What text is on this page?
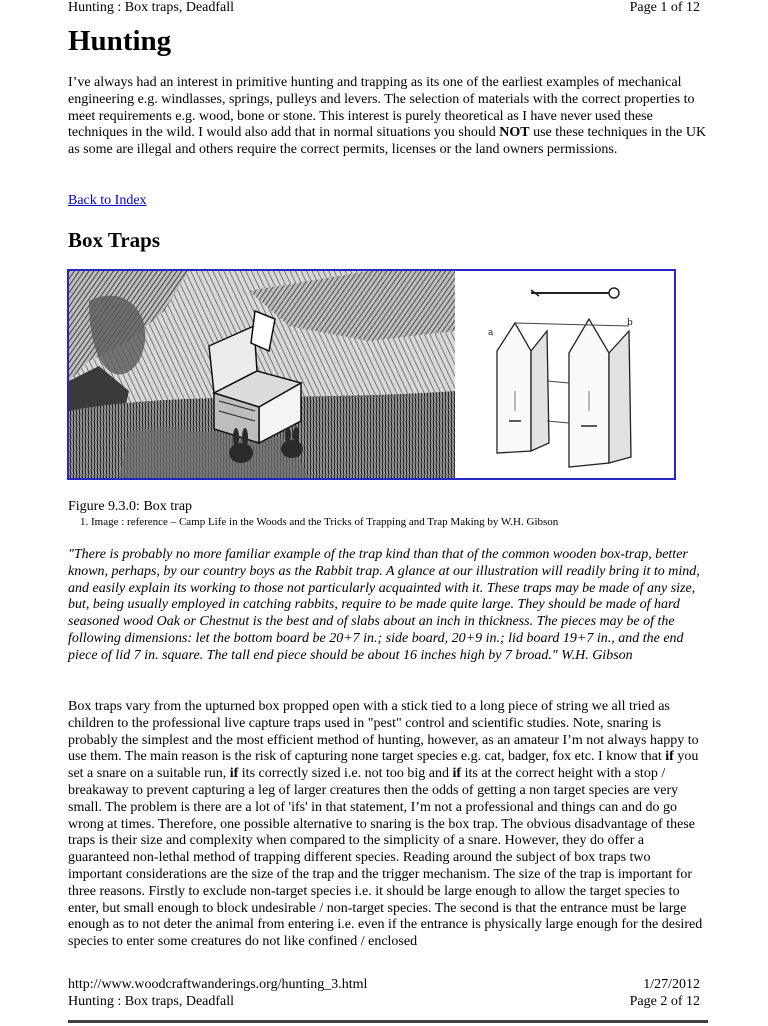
Hunting : Box traps, Deadfall	Page 1 of 12
Hunting

I’ve always had an interest in primitive hunting and trapping as its one of the earliest examples of mechanical engineering e.g. windlasses, springs, pulleys and levers. The selection of materials with the correct properties to meet requirements e.g. wood, bone or stone. This interest is purely theoretical as I have never used these techniques in the wild. I would also add that in normal situations you should NOT use these techniques in the UK as some are illegal and others require the correct permits, licenses or the land owners permissions.

Back to Index
Box Traps
a
b
Figure 9.3.0: Box trap
1. Image : reference – Camp Life in the Woods and the Tricks of Trapping and Trap Making by W.H. Gibson

"There is probably no more familiar example of the trap kind than that of the common wooden box-trap, better known, perhaps, by our country boys as the Rabbit trap. A glance at our illustration will readily bring it to mind, and easily explain its working to those not particularly acquainted with it. These traps may be made of any size, but, being usually employed in catching rabbits, require to be made quite large. They should be made of hard seasoned wood Oak or Chestnut is the best and of slabs about an inch in thickness. The pieces may be of the following dimensions: let the bottom board be 20+7 in.; side board, 20+9 in.; lid board 19+7 in., and the end piece of lid 7 in. square. The tall end piece should be about 16 inches high by 7 broad." W.H. Gibson

Box traps vary from the upturned box propped open with a stick tied to a long piece of string we all tried as children to the professional live capture traps used in "pest" control and scientific studies. Note, snaring is probably the simplest and the most efficient method of hunting, however, as an amateur I’m not always happy to use them. The main reason is the risk of capturing none target species e.g. cat, badger, fox etc. I know that if you set a snare on a suitable run, if its correctly sized i.e. not too big and if its at the correct height with a stop / breakaway to prevent capturing a leg of larger creatures then the odds of getting a non target species are very small. The problem is there are a lot of 'ifs' in that statement, I’m not a professional and things can and do go wrong at times. Therefore, one possible alternative to snaring is the box trap. The obvious disadvantage of these traps is their size and complexity when compared to the simplicity of a snare. However, they do offer a guaranteed non-lethal method of trapping different species. Reading around the subject of box traps two important considerations are the size of the trap and the trigger mechanism. The size of the trap is important for three reasons. Firstly to exclude non-target species i.e. it should be large enough to allow the target species to enter, but small enough to block undesirable / non-target species. The second is that the entrance must be large enough as to not deter the animal from entering i.e. even if the entrance is physically large enough for the desired species to enter some creatures do not like confined / enclosed

http://www.woodcraftwanderings.org/hunting_3.html	1/27/2012
Hunting : Box traps, Deadfall	Page 2 of 12
